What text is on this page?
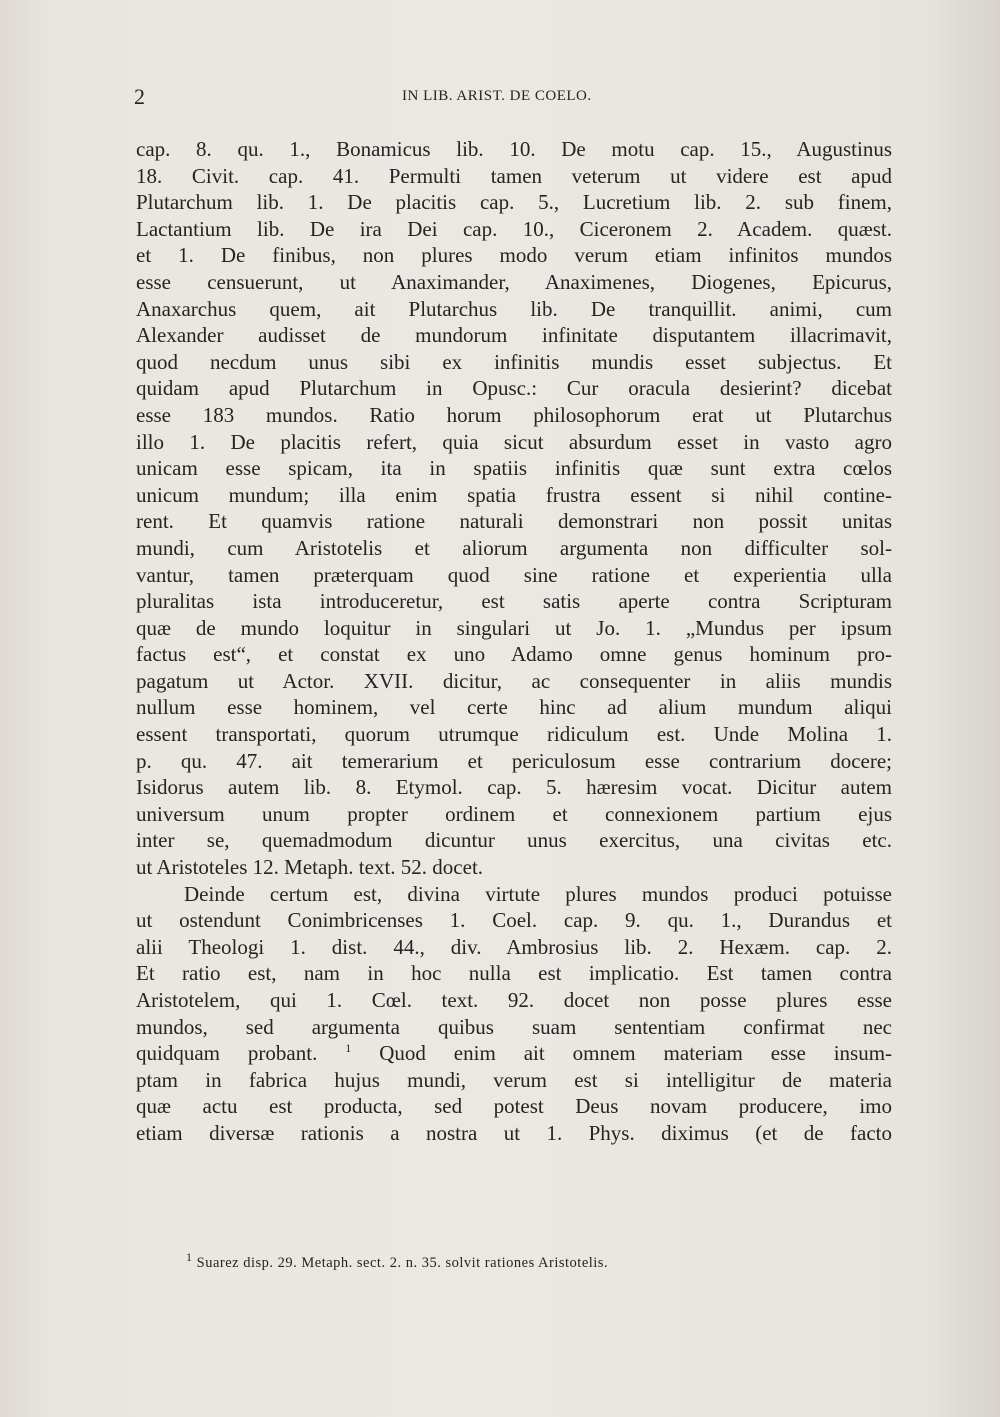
2	IN LIB. ARIST. DE COELO.
cap. 8. qu. 1., Bonamicus lib. 10. De motu cap. 15., Augustinus
18. Civit. cap. 41. Permulti tamen veterum ut videre est apud
Plutarchum lib. 1. De placitis cap. 5., Lucretium lib. 2. sub finem,
Lactantium lib. De ira Dei cap. 10., Ciceronem 2. Academ. quæst.
et 1. De finibus, non plures modo verum etiam infinitos mundos
esse censuerunt, ut Anaximander, Anaximenes, Diogenes, Epicurus,
Anaxarchus quem, ait Plutarchus lib. De tranquillit. animi, cum
Alexander audisset de mundorum infinitate disputantem illacrimavit,
quod necdum unus sibi ex infinitis mundis esset subjectus. Et
quidam apud Plutarchum in Opusc.: Cur oracula desierint? dicebat
esse 183 mundos. Ratio horum philosophorum erat ut Plutarchus
illo 1. De placitis refert, quia sicut absurdum esset in vasto agro
unicam esse spicam, ita in spatiis infinitis quæ sunt extra cœlos
unicum mundum; illa enim spatia frustra essent si nihil contine-
rent. Et quamvis ratione naturali demonstrari non possit unitas
mundi, cum Aristotelis et aliorum argumenta non difficulter sol-
vantur, tamen præterquam quod sine ratione et experientia ulla
pluralitas ista introduceretur, est satis aperte contra Scripturam
quæ de mundo loquitur in singulari ut Jo. 1. „Mundus per ipsum
factus est“, et constat ex uno Adamo omne genus hominum pro-
pagatum ut Actor. XVII. dicitur, ac consequenter in aliis mundis
nullum esse hominem, vel certe hinc ad alium mundum aliqui
essent transportati, quorum utrumque ridiculum est. Unde Molina 1.
p. qu. 47. ait temerarium et periculosum esse contrarium docere;
Isidorus autem lib. 8. Etymol. cap. 5. hæresim vocat. Dicitur autem
universum unum propter ordinem et connexionem partium ejus
inter se, quemadmodum dicuntur unus exercitus, una civitas etc.
ut Aristoteles 12. Metaph. text. 52. docet.
Deinde certum est, divina virtute plures mundos produci potuisse
ut ostendunt Conimbricenses 1. Coel. cap. 9. qu. 1., Durandus et
alii Theologi 1. dist. 44., div. Ambrosius lib. 2. Hexæm. cap. 2.
Et ratio est, nam in hoc nulla est implicatio. Est tamen contra
Aristotelem, qui 1. Cœl. text. 92. docet non posse plures esse
mundos, sed argumenta quibus suam sententiam confirmat nec
quidquam probant. $^1$ Quod enim ait omnem materiam esse insum-
ptam in fabrica hujus mundi, verum est si intelligitur de materia
quæ actu est producta, sed potest Deus novam producere, imo
etiam diversæ rationis a nostra ut 1. Phys. diximus (et de facto
$^1$ Suarez disp. 29. Metaph. sect. 2. n. 35. solvit rationes Aristotelis.
